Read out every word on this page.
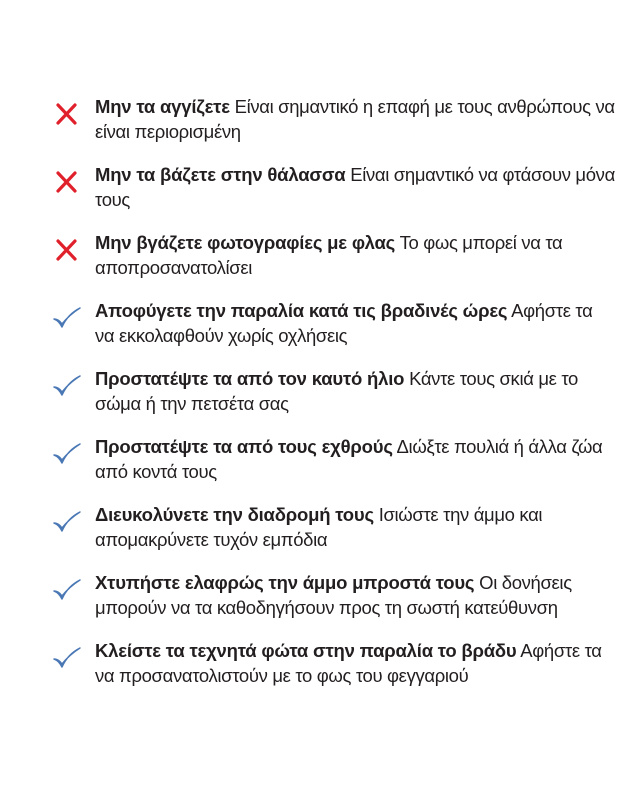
Μην τα αγγίζετε Είναι σημαντικό η επαφή με τους ανθρώπους να είναι περιορισμένη
Μην τα βάζετε στην θάλασσα Είναι σημαντικό να φτάσουν μόνα τους
Μην βγάζετε φωτογραφίες με φλας Το φως μπορεί να τα αποπροσανατολίσει
Αποφύγετε την παραλία κατά τις βραδινές ώρες Αφήστε τα να εκκολαφθούν χωρίς οχλήσεις
Προστατέψτε τα από τον καυτό ήλιο Κάντε τους σκιά με το σώμα ή την πετσέτα σας
Προστατέψτε τα από τους εχθρούς Διώξτε πουλιά ή άλλα ζώα από κοντά τους
Διευκολύνετε την διαδρομή τους Ισιώστε την άμμο και απομακρύνετε τυχόν εμπόδια
Χτυπήστε ελαφρώς την άμμο μπροστά τους Οι δονήσεις μπορούν να τα καθοδηγήσουν προς τη σωστή κατεύθυνση
Κλείστε τα τεχνητά φώτα στην παραλία το βράδυ Αφήστε τα να προσανατολιστούν με το φως του φεγγαριού
